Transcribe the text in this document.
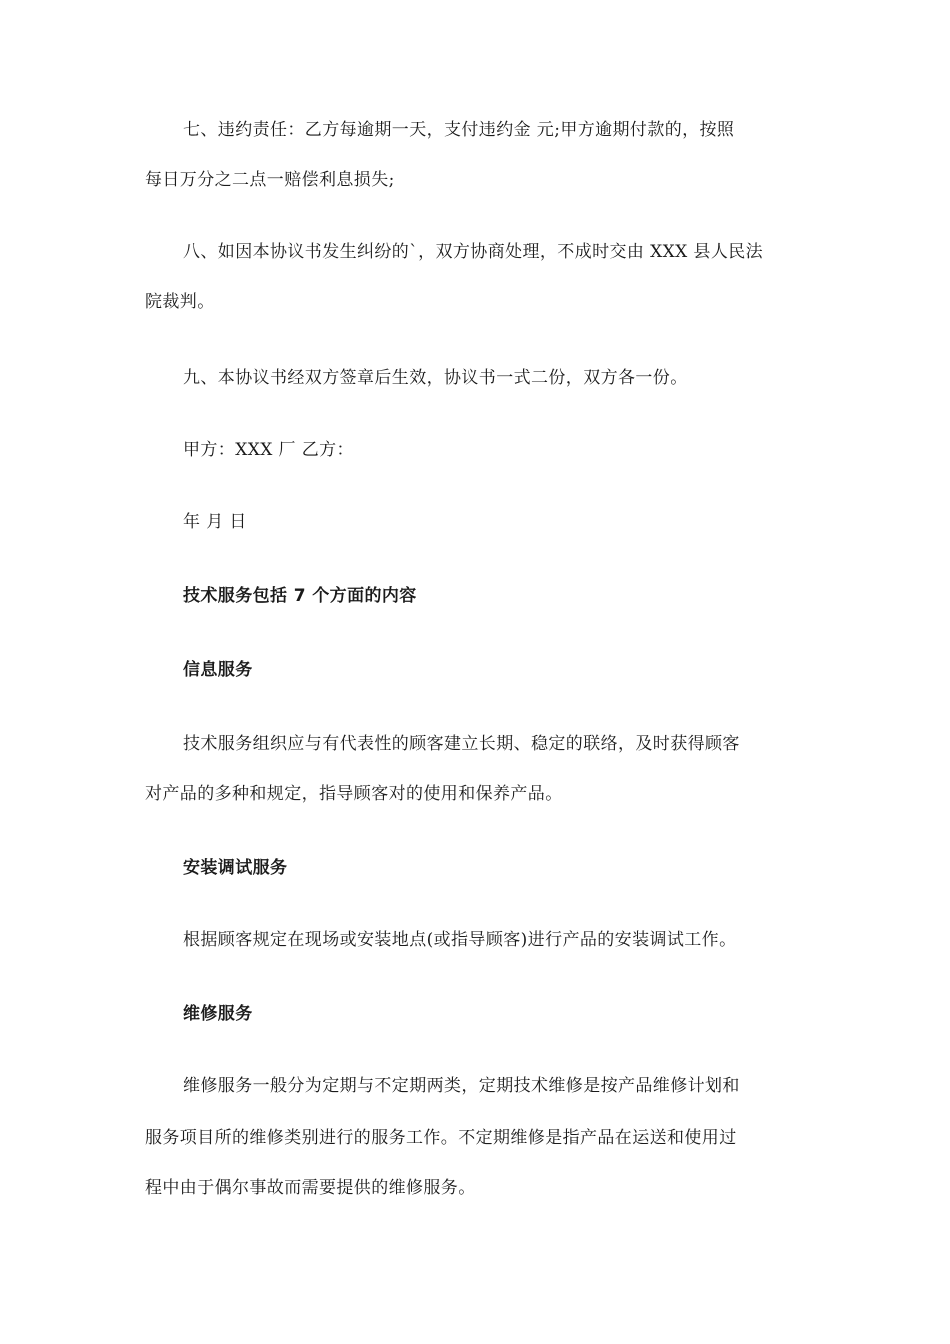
七、违约责任：乙方每逾期一天，支付违约金 元;甲方逾期付款的，按照
每日万分之二点一赔偿利息损失;
八、如因本协议书发生纠纷的`，双方协商处理，不成时交由 XXX 县人民法
院裁判。
九、本协议书经双方签章后生效，协议书一式二份，双方各一份。
甲方：XXX 厂 乙方：
年 月 日
技术服务包括 7 个方面的内容
信息服务
技术服务组织应与有代表性的顾客建立长期、稳定的联络，及时获得顾客
对产品的多种和规定，指导顾客对的使用和保养产品。
安装调试服务
根据顾客规定在现场或安装地点(或指导顾客)进行产品的安装调试工作。
维修服务
维修服务一般分为定期与不定期两类，定期技术维修是按产品维修计划和
服务项目所的维修类别进行的服务工作。不定期维修是指产品在运送和使用过
程中由于偶尔事故而需要提供的维修服务。
